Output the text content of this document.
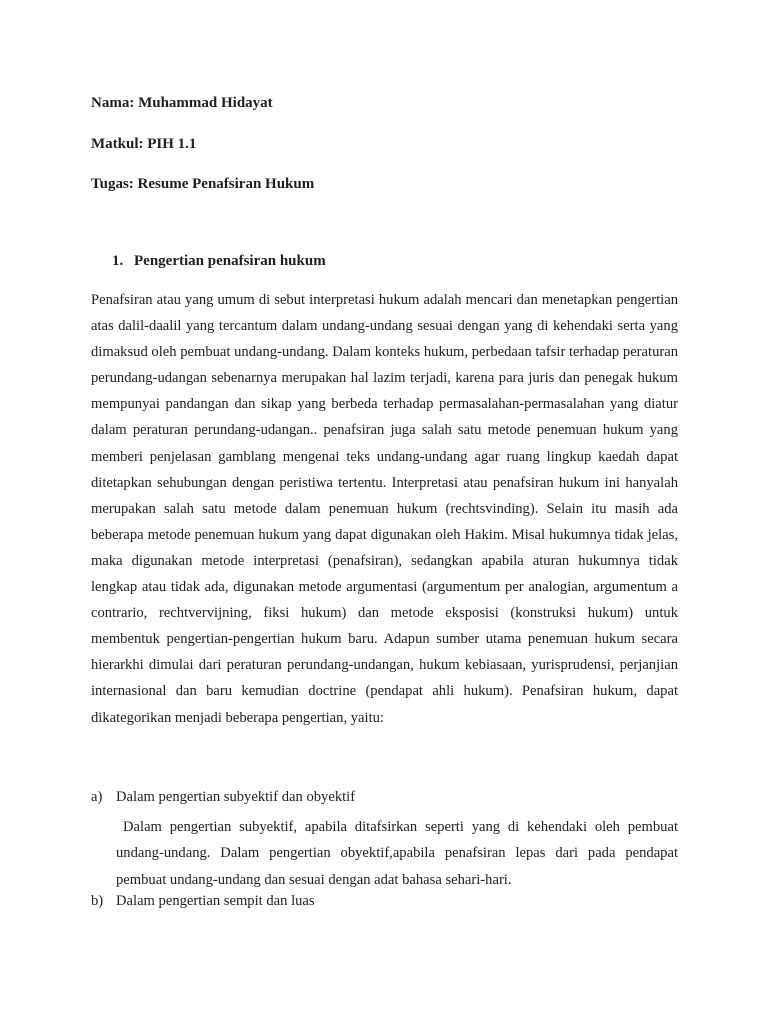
Nama: Muhammad Hidayat
Matkul: PIH 1.1
Tugas: Resume Penafsiran Hukum
1. Pengertian penafsiran hukum

Penafsiran atau yang umum di sebut interpretasi hukum adalah mencari dan menetapkan pengertian atas dalil-daalil yang tercantum dalam undang-undang sesuai dengan yang di kehendaki serta yang dimaksud oleh pembuat undang-undang. Dalam konteks hukum, perbedaan tafsir terhadap peraturan perundang-udangan sebenarnya merupakan hal lazim terjadi, karena para juris dan penegak hukum mempunyai pandangan dan sikap yang berbeda terhadap permasalahan-permasalahan yang diatur dalam peraturan perundang-udangan.. penafsiran juga salah satu metode penemuan hukum yang memberi penjelasan gamblang mengenai teks undang-undang agar ruang lingkup kaedah dapat ditetapkan sehubungan dengan peristiwa tertentu. Interpretasi atau penafsiran hukum ini hanyalah merupakan salah satu metode dalam penemuan hukum (rechtsvinding). Selain itu masih ada beberapa metode penemuan hukum yang dapat digunakan oleh Hakim. Misal hukumnya tidak jelas, maka digunakan metode interpretasi (penafsiran), sedangkan apabila aturan hukumnya tidak lengkap atau tidak ada, digunakan metode argumentasi (argumentum per analogian, argumentum a contrario, rechtvervijning, fiksi hukum) dan metode eksposisi (konstruksi hukum) untuk membentuk pengertian-pengertian hukum baru. Adapun sumber utama penemuan hukum secara hierarkhi dimulai dari peraturan perundang-undangan, hukum kebiasaan, yurisprudensi, perjanjian internasional dan baru kemudian doctrine (pendapat ahli hukum). Penafsiran hukum, dapat dikategorikan menjadi beberapa pengertian, yaitu:

a) Dalam pengertian subyektif dan obyektif

Dalam pengertian subyektif, apabila ditafsirkan seperti yang di kehendaki oleh pembuat undang-undang. Dalam pengertian obyektif,apabila penafsiran lepas dari pada pendapat pembuat undang-undang dan sesuai dengan adat bahasa sehari-hari.

b) Dalam pengertian sempit dan luas
